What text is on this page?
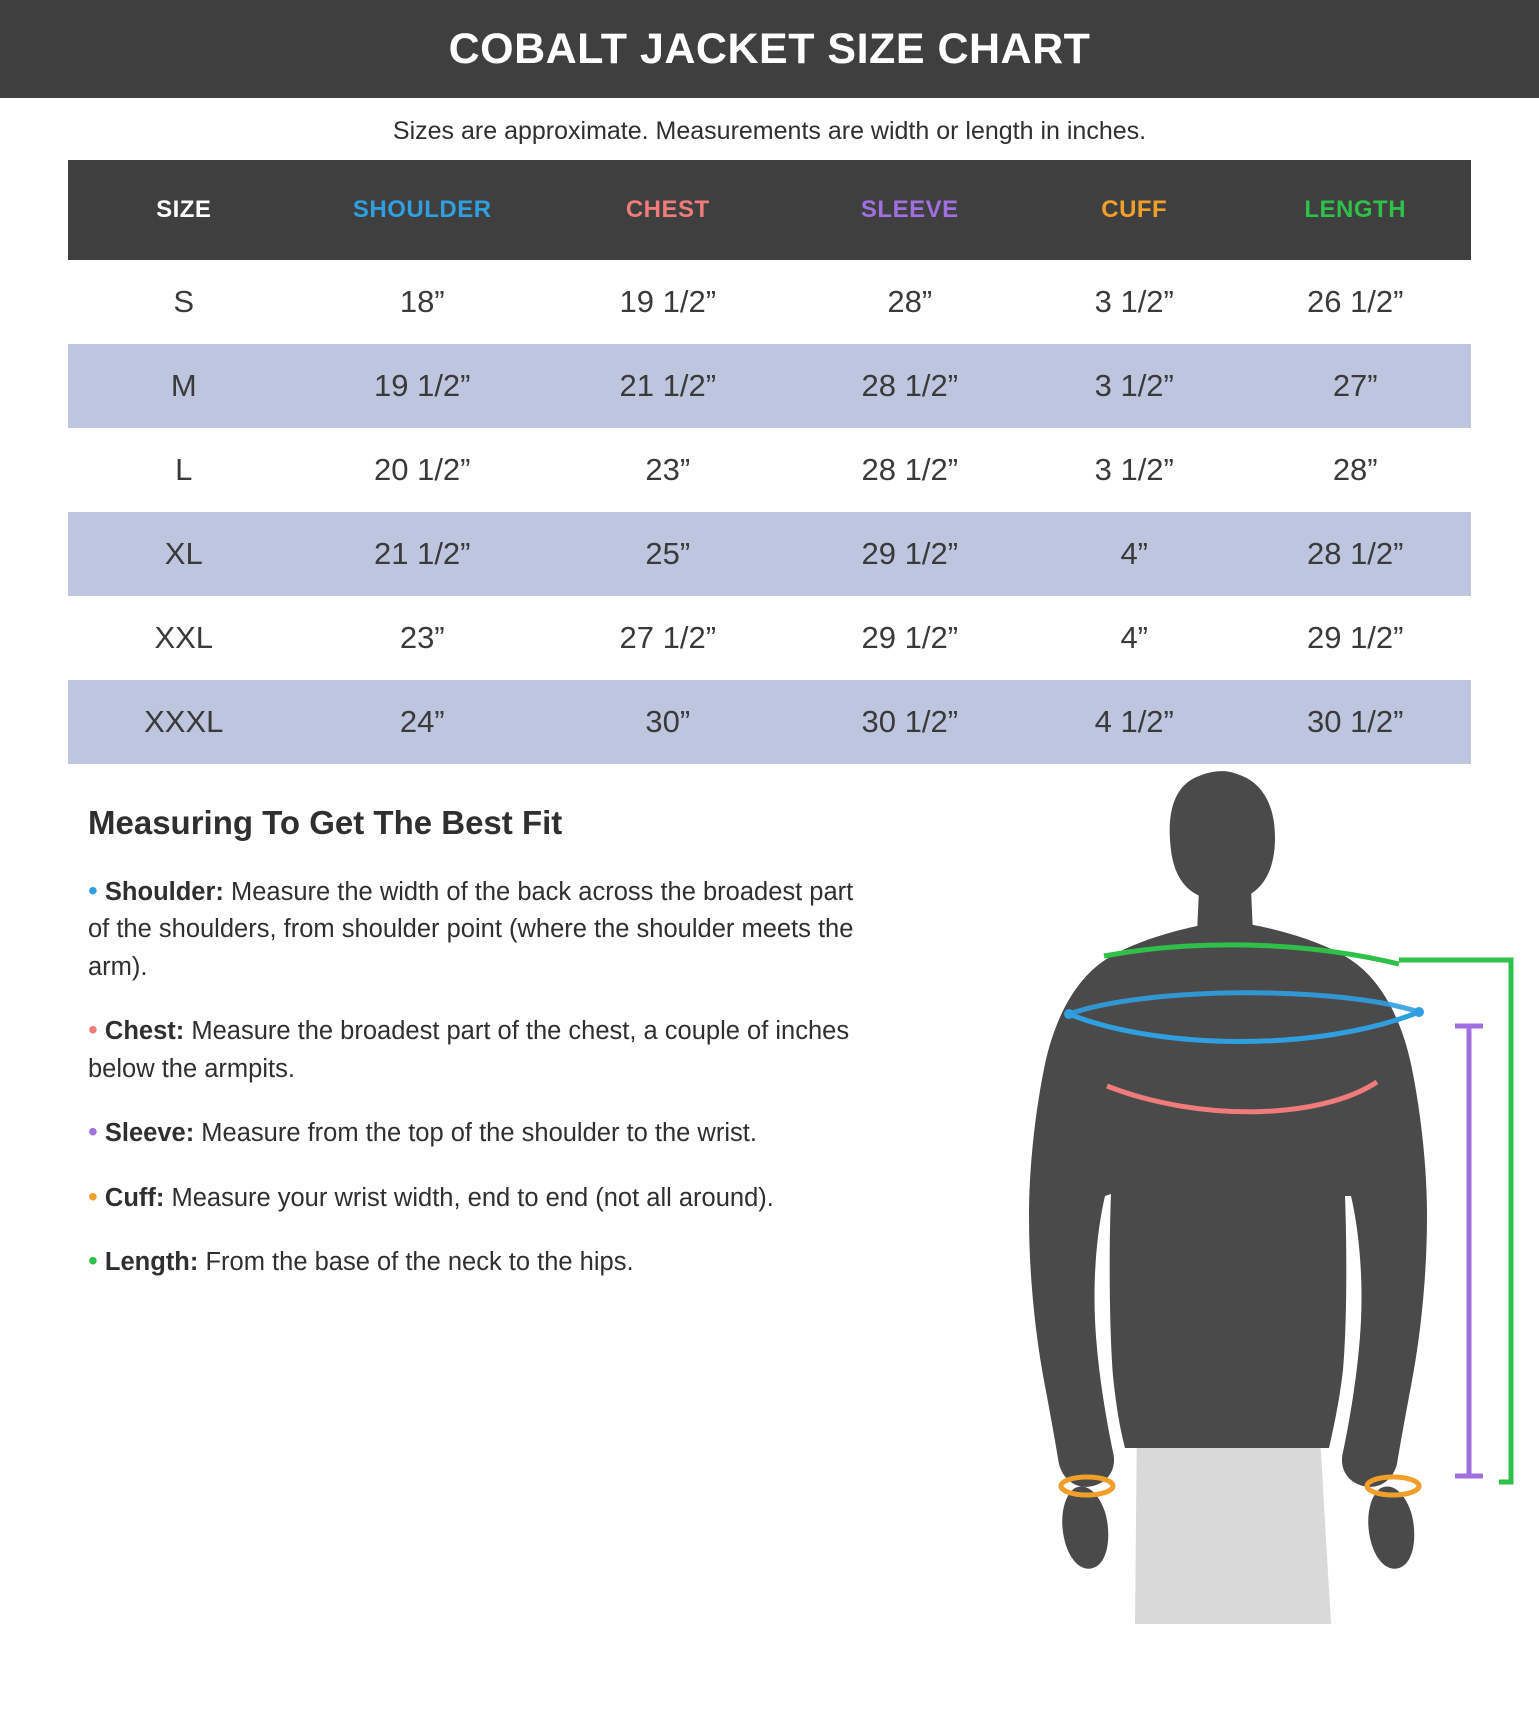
COBALT JACKET SIZE CHART
Sizes are approximate. Measurements are width or length in inches.
SIZE	SHOULDER	CHEST	SLEEVE	CUFF	LENGTH
S	18”	19 1/2”	28”	3 1/2”	26 1/2”
M	19 1/2”	21 1/2”	28 1/2”	3 1/2”	27”
L	20 1/2”	23”	28 1/2”	3 1/2”	28”
XL	21 1/2”	25”	29 1/2”	4”	28 1/2”
XXL	23”	27 1/2”	29 1/2”	4”	29 1/2”
XXXL	24”	30”	30 1/2”	4 1/2”	30 1/2”
Measuring To Get The Best Fit

• Shoulder: Measure the width of the back across the broadest part of the shoulders, from shoulder point (where the shoulder meets the arm).

• Chest: Measure the broadest part of the chest, a couple of inches below the armpits.

• Sleeve: Measure from the top of the shoulder to the wrist.

• Cuff: Measure your wrist width, end to end (not all around).

• Length: From the base of the neck to the hips.
